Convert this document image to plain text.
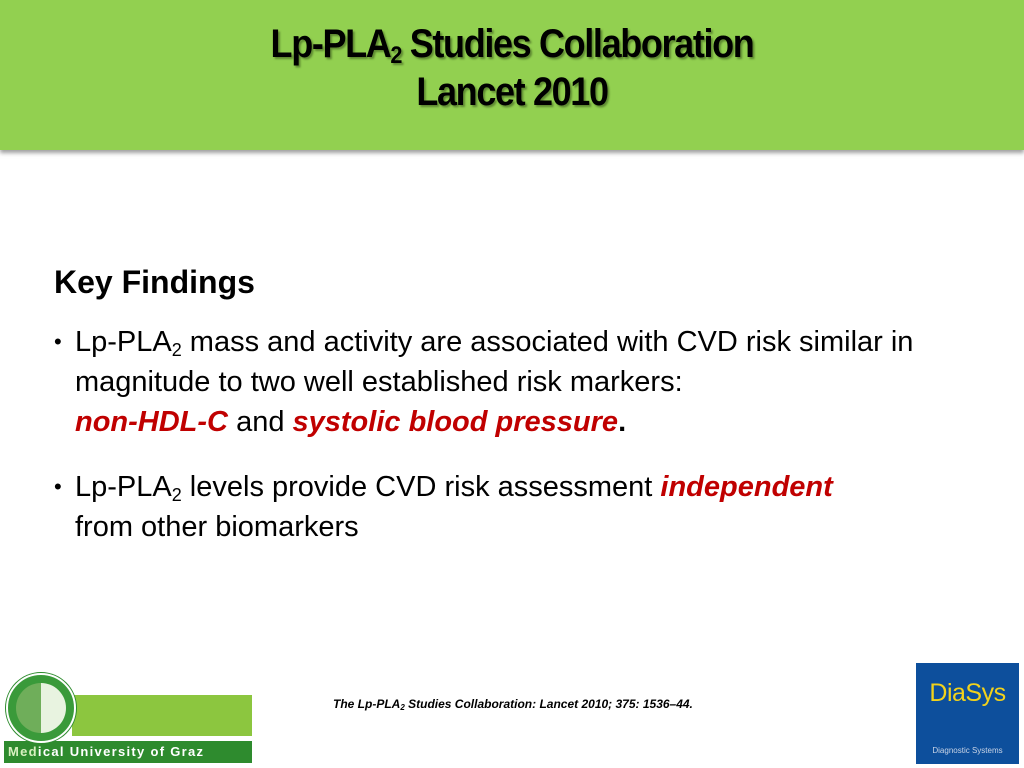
$Lp-PLA_2$ Studies Collaboration
Lancet 2010
Key Findings
• $Lp-PLA_2$ mass and activity are associated with CVD risk similar in magnitude to two well established risk markers:
non-HDL-C and systolic blood pressure.
• $Lp-PLA_2$ levels provide CVD risk assessment independent
from other biomarkers
Medical University of Graz
The $Lp-PLA_2$ Studies Collaboration: Lancet 2010; 375: 1536–44.	DiaSys
Diagnostic Systems
